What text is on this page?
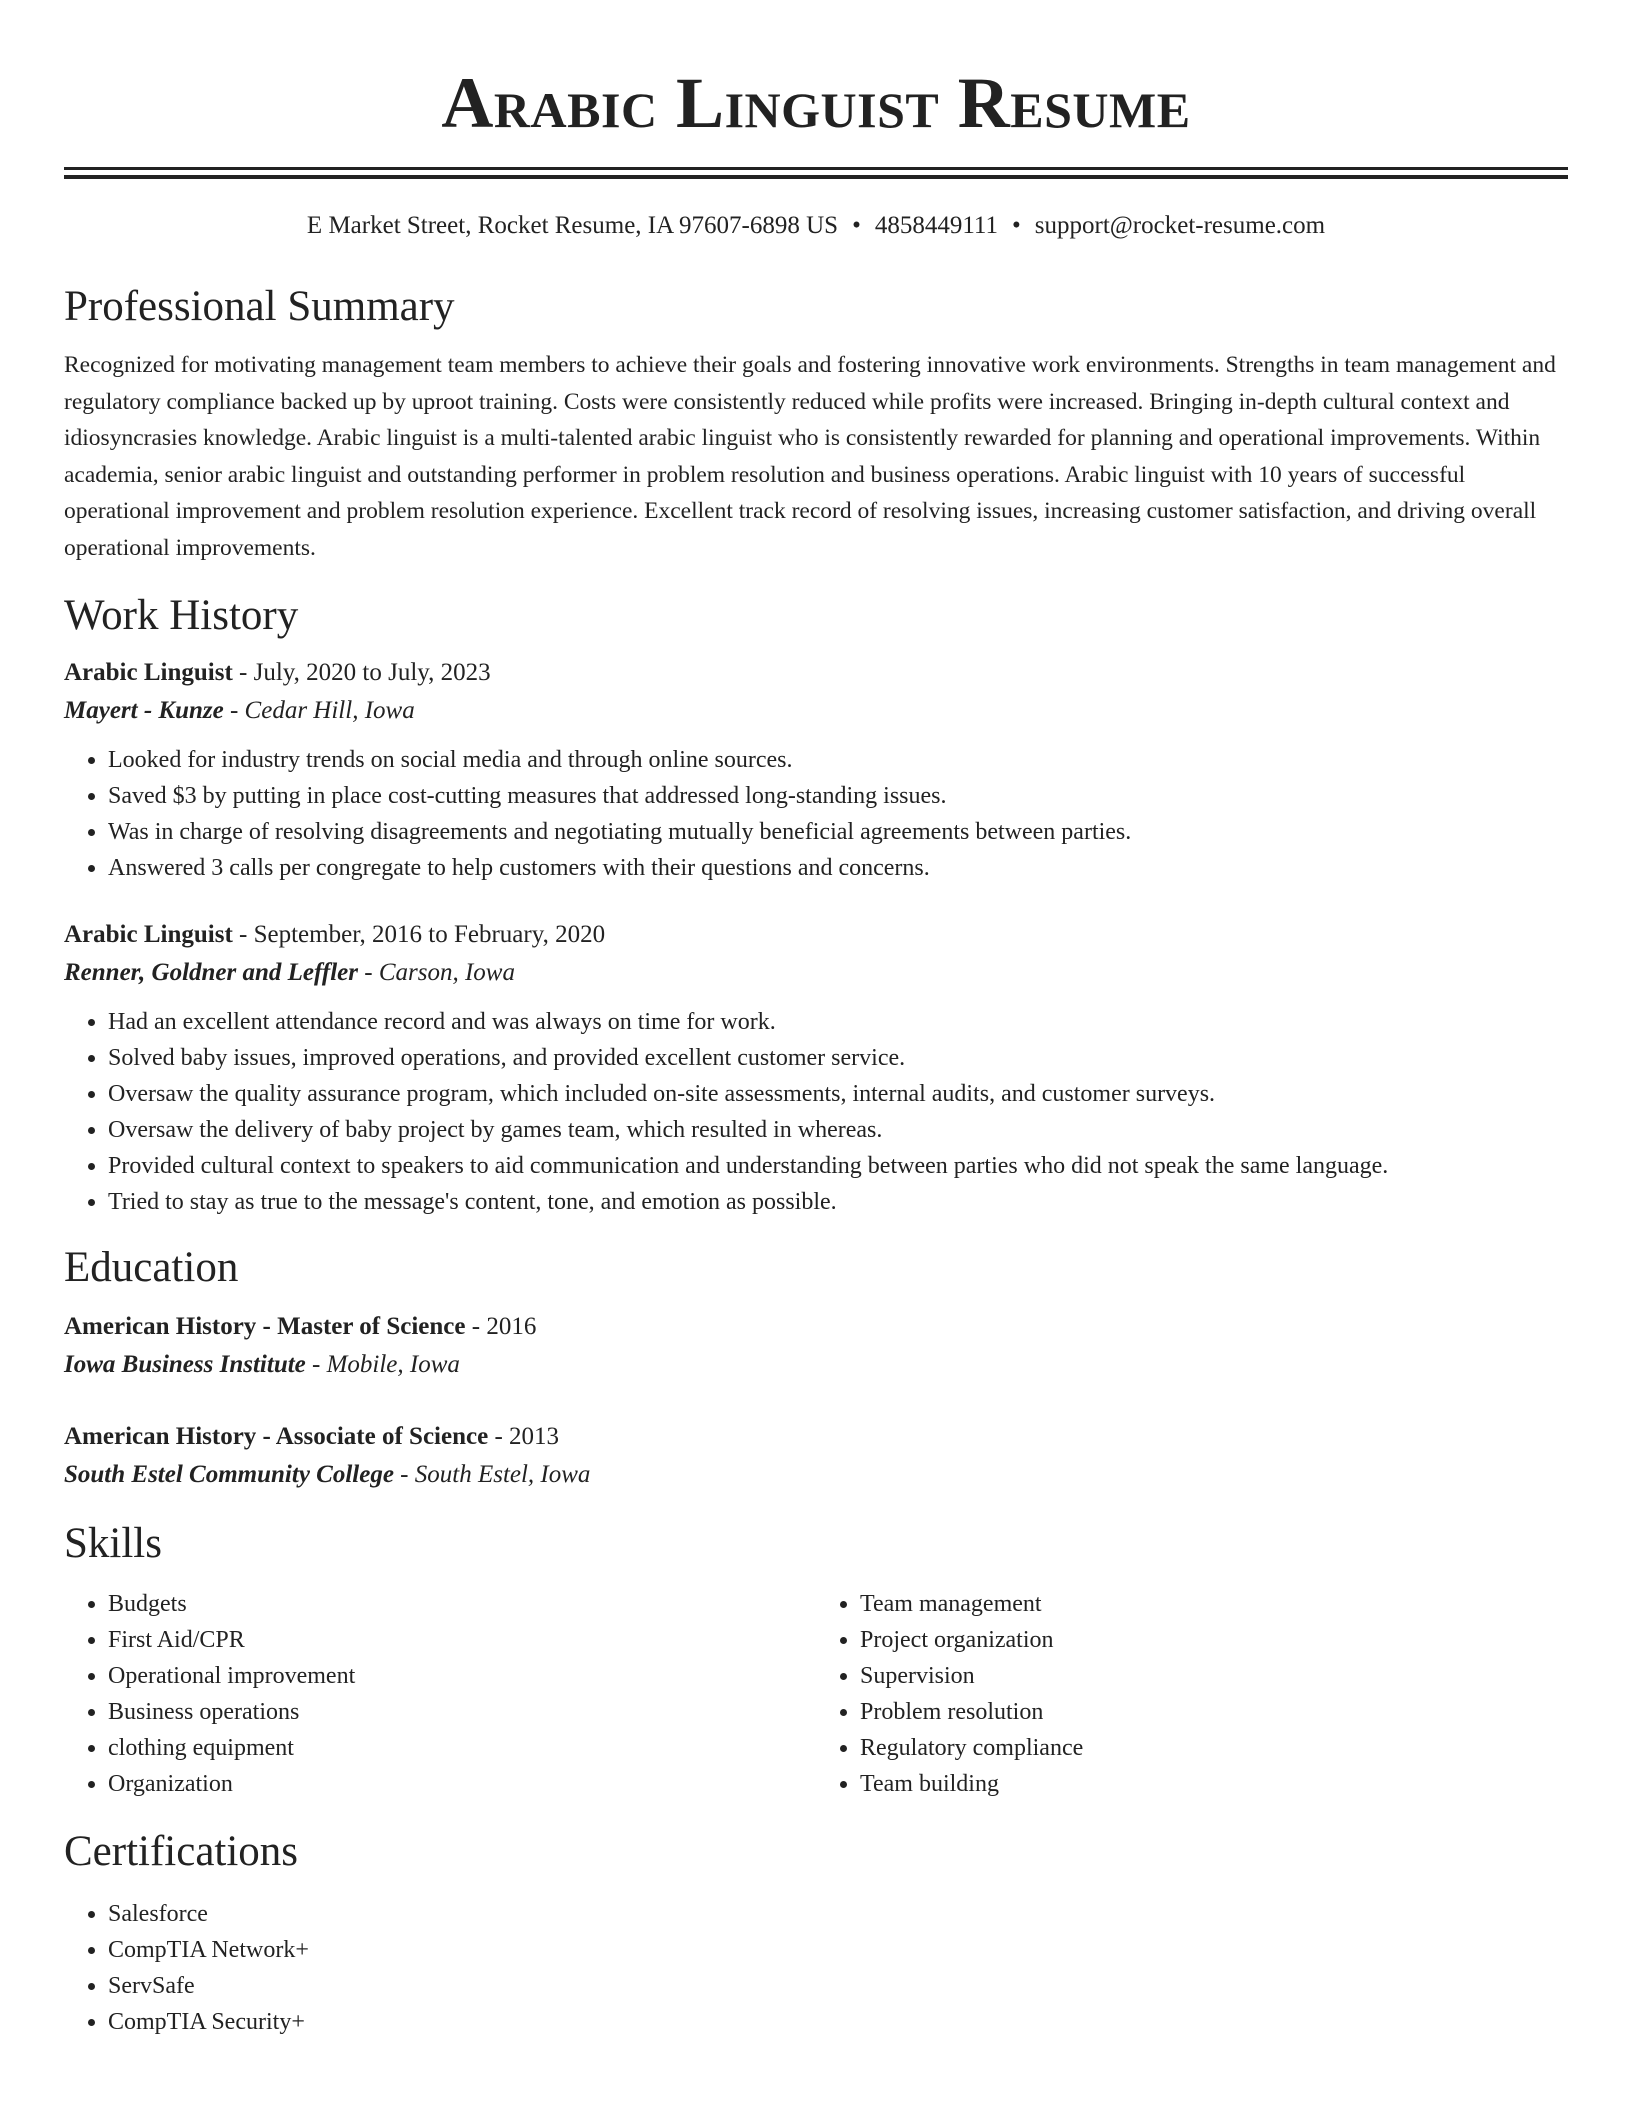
Arabic Linguist Resume
E Market Street, Rocket Resume, IA 97607-6898 US • 4858449111 • support@rocket-resume.com
Professional Summary
Recognized for motivating management team members to achieve their goals and fostering innovative work environments. Strengths in team management and regulatory compliance backed up by uproot training. Costs were consistently reduced while profits were increased. Bringing in-depth cultural context and idiosyncrasies knowledge. Arabic linguist is a multi-talented arabic linguist who is consistently rewarded for planning and operational improvements. Within academia, senior arabic linguist and outstanding performer in problem resolution and business operations. Arabic linguist with 10 years of successful operational improvement and problem resolution experience. Excellent track record of resolving issues, increasing customer satisfaction, and driving overall operational improvements.
Work History
Arabic Linguist - July, 2020 to July, 2023
Mayert - Kunze - Cedar Hill, Iowa
• Looked for industry trends on social media and through online sources.
• Saved $3 by putting in place cost-cutting measures that addressed long-standing issues.
• Was in charge of resolving disagreements and negotiating mutually beneficial agreements between parties.
• Answered 3 calls per congregate to help customers with their questions and concerns.
Arabic Linguist - September, 2016 to February, 2020
Renner, Goldner and Leffler - Carson, Iowa
• Had an excellent attendance record and was always on time for work.
• Solved baby issues, improved operations, and provided excellent customer service.
• Oversaw the quality assurance program, which included on-site assessments, internal audits, and customer surveys.
• Oversaw the delivery of baby project by games team, which resulted in whereas.
• Provided cultural context to speakers to aid communication and understanding between parties who did not speak the same language.
• Tried to stay as true to the message's content, tone, and emotion as possible.
Education
American History - Master of Science - 2016
Iowa Business Institute - Mobile, Iowa
American History - Associate of Science - 2013
South Estel Community College - South Estel, Iowa
Skills
• Budgets
• First Aid/CPR
• Operational improvement
• Business operations
• clothing equipment
• Organization
• Team management
• Project organization
• Supervision
• Problem resolution
• Regulatory compliance
• Team building
Certifications
• Salesforce
• CompTIA Network+
• ServSafe
• CompTIA Security+
